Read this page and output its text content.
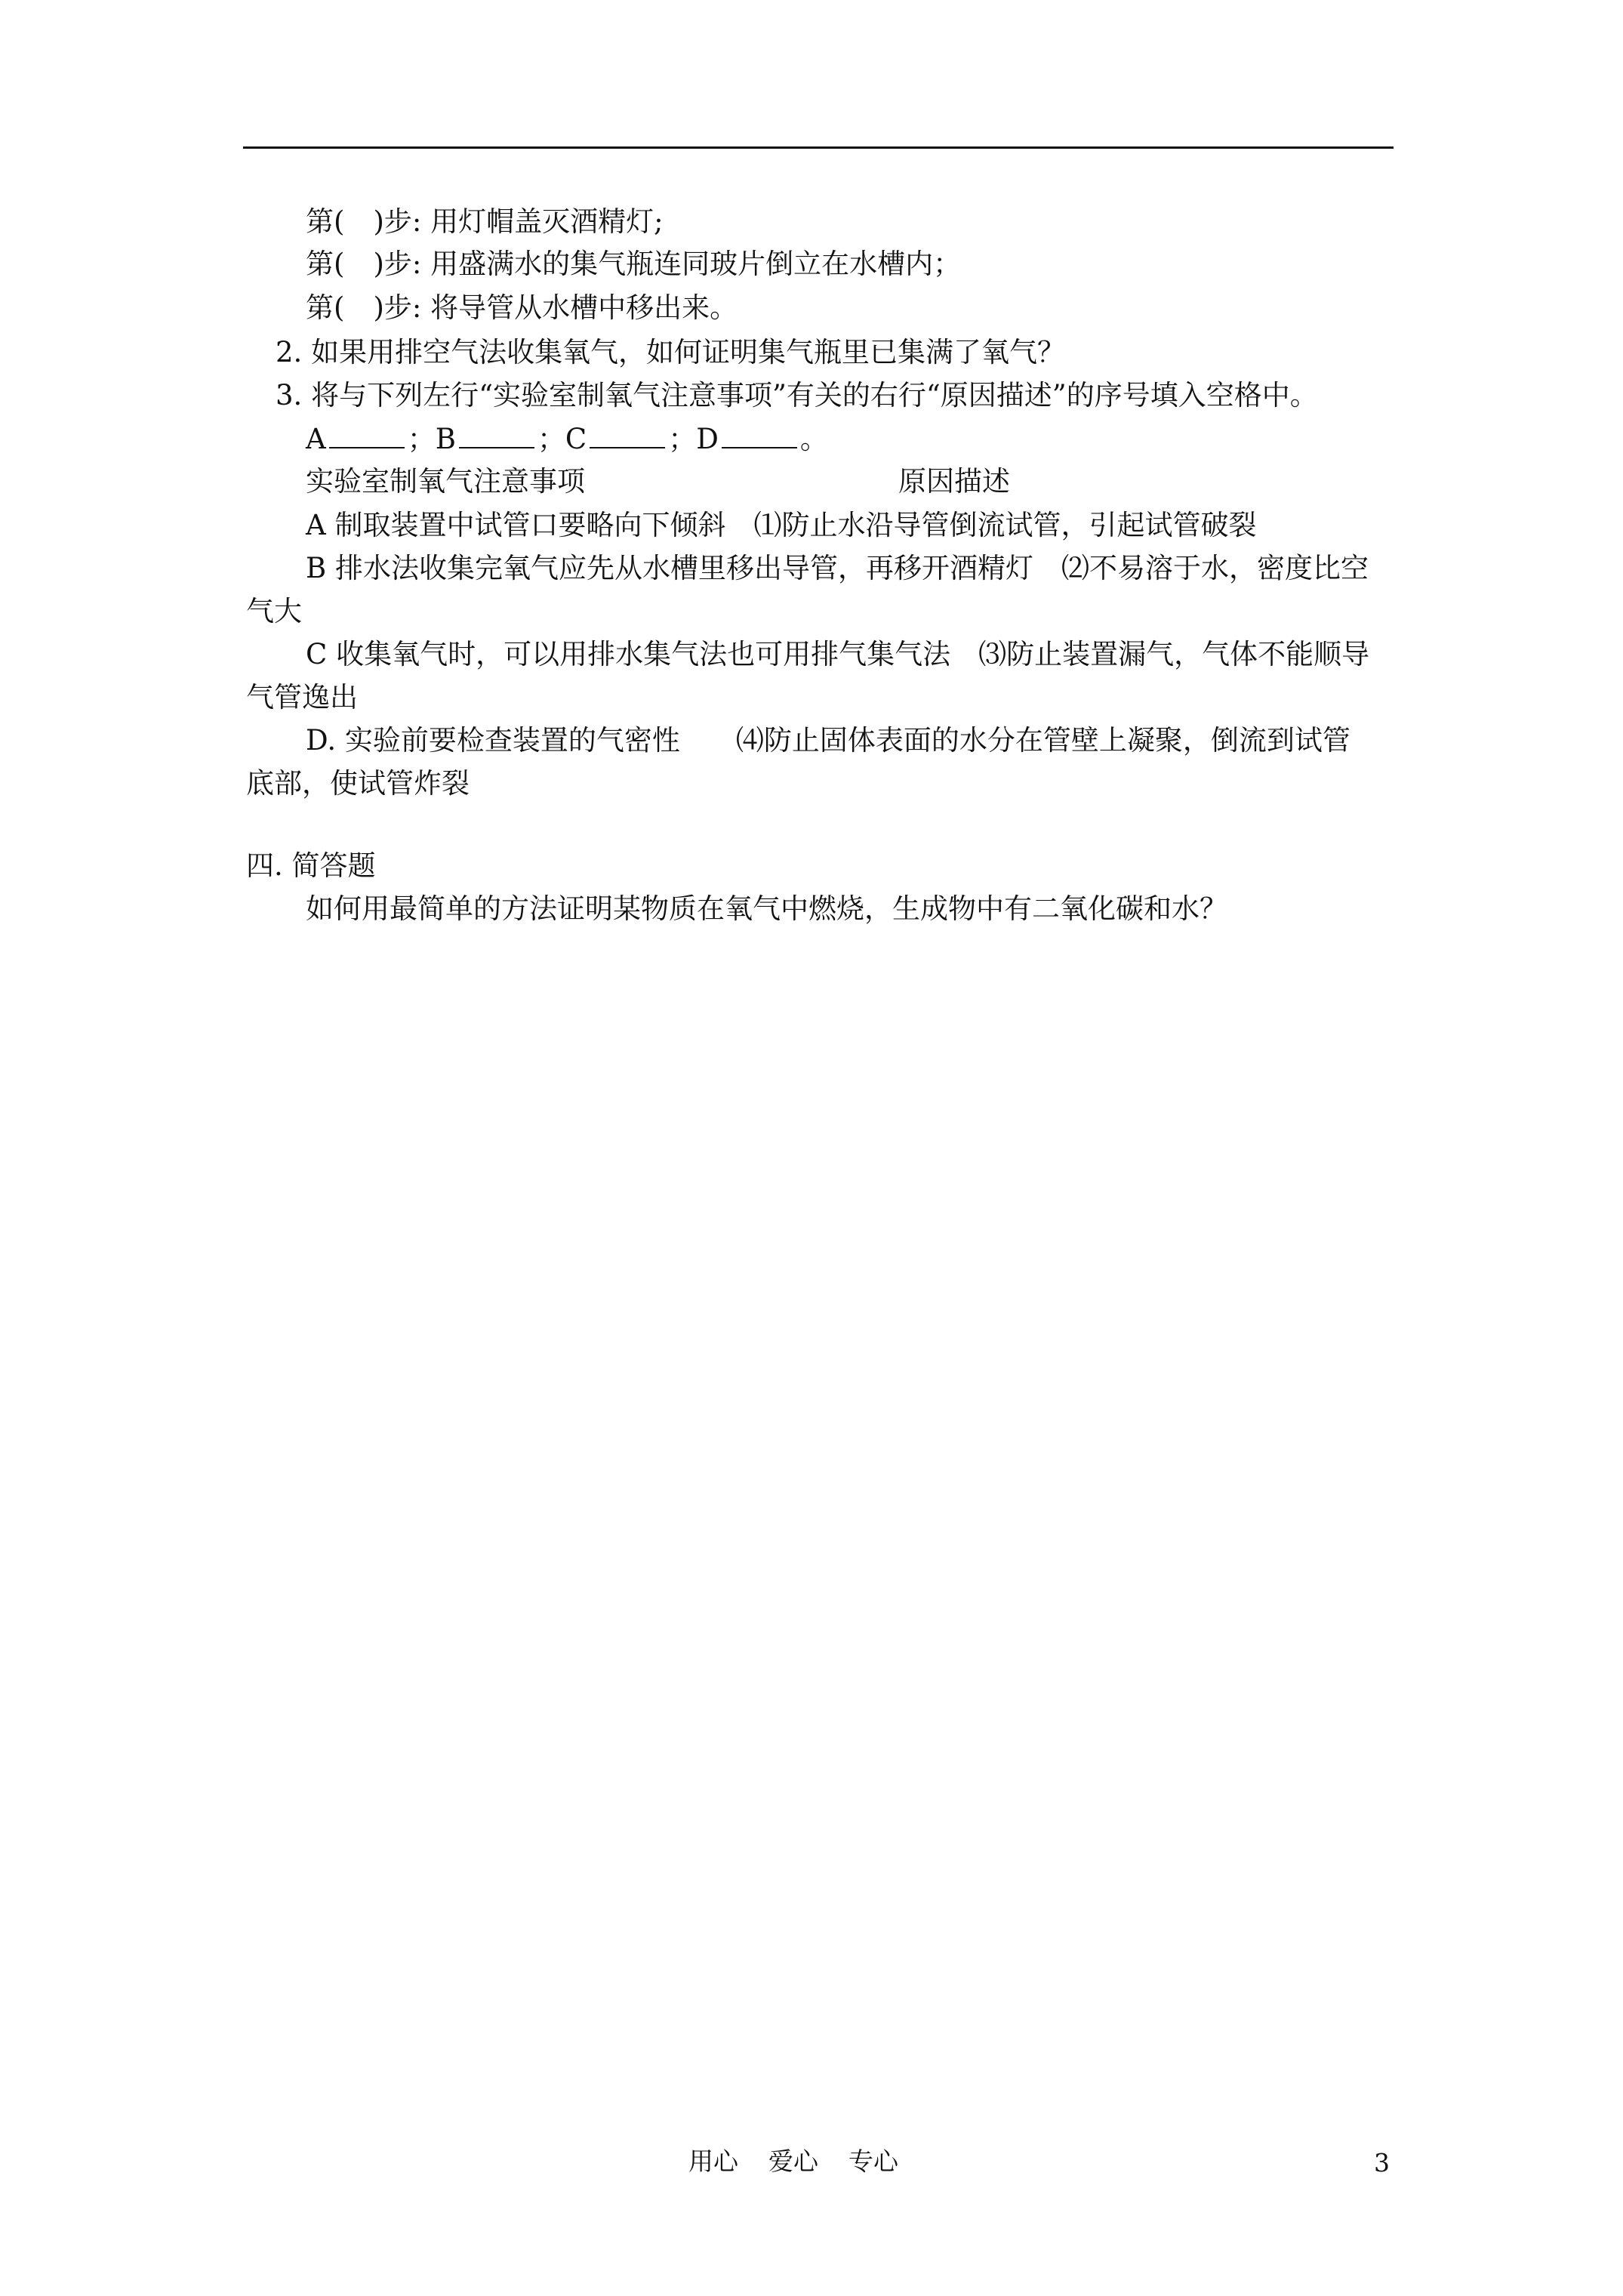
第( )步: 用灯帽盖灭酒精灯;
第( )步: 用盛满水的集气瓶连同玻片倒立在水槽内；
第( )步: 将导管从水槽中移出来。
2. 如果用排空气法收集氧气，如何证明集气瓶里已集满了氧气？
3. 将与下列左行“实验室制氧气注意事项”有关的右行“原因描述”的序号填入空格中。
A	；B	；C	；D	。
实验室制氧气注意事项	原因描述
A 制取装置中试管口要略向下倾斜　⑴防止水沿导管倒流试管，引起试管破裂
B 排水法收集完氧气应先从水槽里移出导管，再移开酒精灯　⑵不易溶于水，密度比空
气大
C 收集氧气时，可以用排水集气法也可用排气集气法　⑶防止装置漏气，气体不能顺导
气管逸出
D. 实验前要检查装置的气密性　　⑷防止固体表面的水分在管壁上凝聚，倒流到试管
底部，使试管炸裂
四. 简答题
如何用最简单的方法证明某物质在氧气中燃烧，生成物中有二氧化碳和水？
用心 爱心 专心	3
